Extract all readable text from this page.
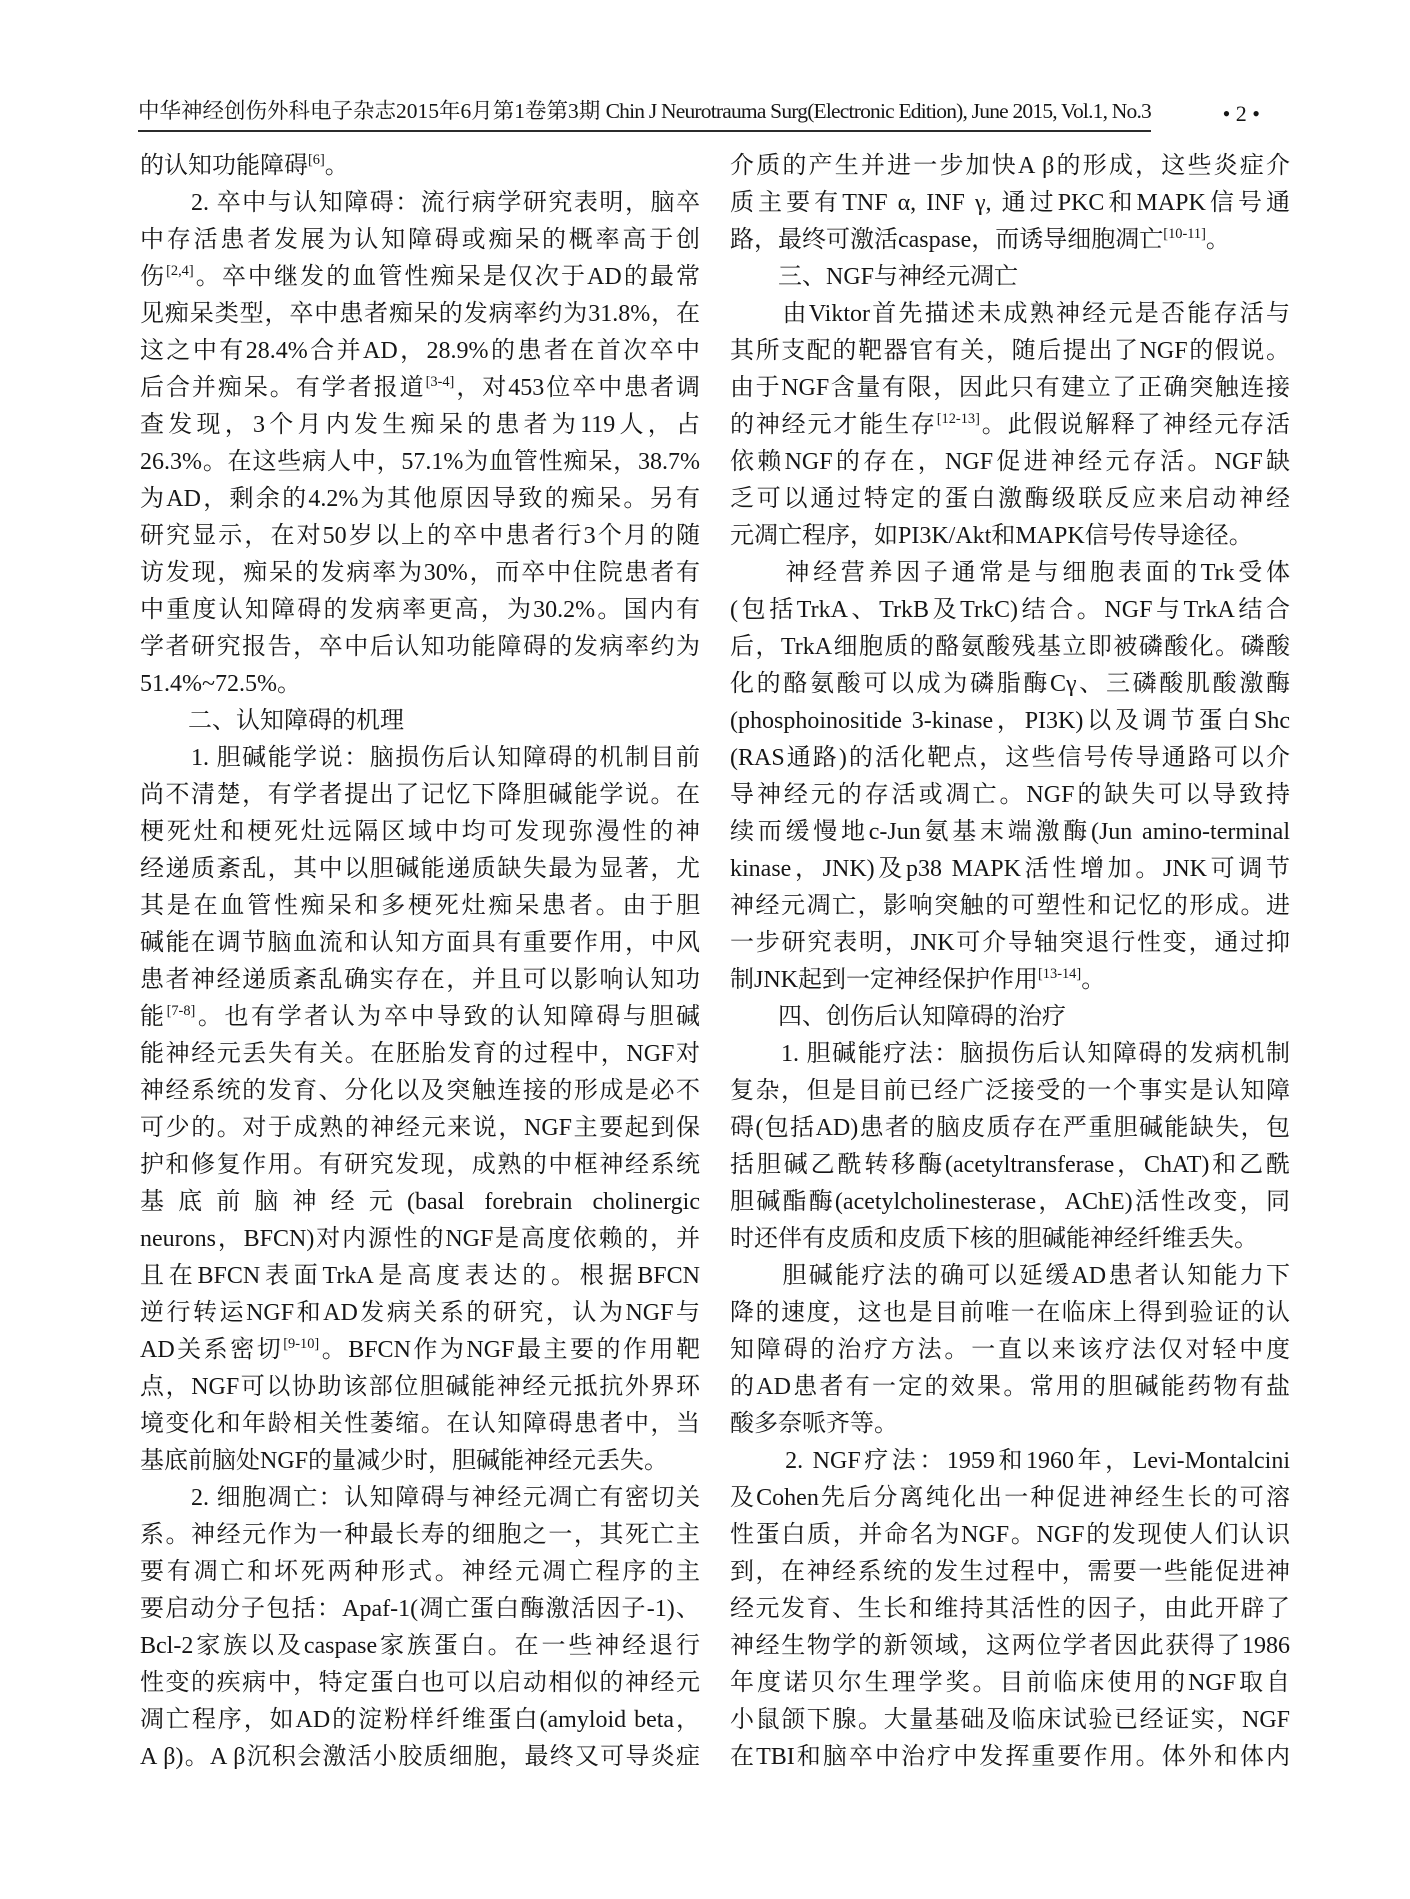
中华神经创伤外科电子杂志2015年6月第1卷第3期 Chin J Neurotrauma Surg(Electronic Edition), June 2015, Vol.1, No.3	• 2 •
的认知功能障碍[6]。
　　2. 卒中与认知障碍：流行病学研究表明，脑卒
中存活患者发展为认知障碍或痴呆的概率高于创
伤[2,4]。卒中继发的血管性痴呆是仅次于AD的最常
见痴呆类型，卒中患者痴呆的发病率约为31.8%，在
这之中有28.4%合并AD，28.9%的患者在首次卒中
后合并痴呆。有学者报道[3-4]，对453位卒中患者调
查发现，3个月内发生痴呆的患者为119人，占
26.3%。在这些病人中，57.1%为血管性痴呆，38.7%
为AD，剩余的4.2%为其他原因导致的痴呆。另有
研究显示，在对50岁以上的卒中患者行3个月的随
访发现，痴呆的发病率为30%，而卒中住院患者有
中重度认知障碍的发病率更高，为30.2%。国内有
学者研究报告，卒中后认知功能障碍的发病率约为
51.4%~72.5%。
　　二、认知障碍的机理
　　1. 胆碱能学说：脑损伤后认知障碍的机制目前
尚不清楚，有学者提出了记忆下降胆碱能学说。在
梗死灶和梗死灶远隔区域中均可发现弥漫性的神
经递质紊乱，其中以胆碱能递质缺失最为显著，尤
其是在血管性痴呆和多梗死灶痴呆患者。由于胆
碱能在调节脑血流和认知方面具有重要作用，中风
患者神经递质紊乱确实存在，并且可以影响认知功
能[7-8]。也有学者认为卒中导致的认知障碍与胆碱
能神经元丢失有关。在胚胎发育的过程中，NGF对
神经系统的发育、分化以及突触连接的形成是必不
可少的。对于成熟的神经元来说，NGF主要起到保
护和修复作用。有研究发现，成熟的中框神经系统
基底前脑神经元(basal forebrain cholinergic
neurons，BFCN)对内源性的NGF是高度依赖的，并
且在BFCN表面TrkA是高度表达的。根据BFCN
逆行转运NGF和AD发病关系的研究，认为NGF与
AD关系密切[9-10]。BFCN作为NGF最主要的作用靶
点，NGF可以协助该部位胆碱能神经元抵抗外界环
境变化和年龄相关性萎缩。在认知障碍患者中，当
基底前脑处NGF的量减少时，胆碱能神经元丢失。
　　2. 细胞凋亡：认知障碍与神经元凋亡有密切关
系。神经元作为一种最长寿的细胞之一，其死亡主
要有凋亡和坏死两种形式。神经元凋亡程序的主
要启动分子包括：Apaf-1(凋亡蛋白酶激活因子-1)、
Bcl-2家族以及caspase家族蛋白。在一些神经退行
性变的疾病中，特定蛋白也可以启动相似的神经元
凋亡程序，如AD的淀粉样纤维蛋白(amyloid beta，
A β)。A β沉积会激活小胶质细胞，最终又可导炎症
介质的产生并进一步加快A β的形成，这些炎症介
质主要有TNF α, INF γ, 通过PKC和MAPK信号通
路，最终可激活caspase，而诱导细胞凋亡[10-11]。
　　三、NGF与神经元凋亡
　　由Viktor首先描述未成熟神经元是否能存活与
其所支配的靶器官有关，随后提出了NGF的假说。
由于NGF含量有限，因此只有建立了正确突触连接
的神经元才能生存[12-13]。此假说解释了神经元存活
依赖NGF的存在，NGF促进神经元存活。NGF缺
乏可以通过特定的蛋白激酶级联反应来启动神经
元凋亡程序，如PI3K/Akt和MAPK信号传导途径。
　　神经营养因子通常是与细胞表面的Trk受体
(包括TrkA、TrkB及TrkC)结合。NGF与TrkA结合
后，TrkA细胞质的酪氨酸残基立即被磷酸化。磷酸
化的酪氨酸可以成为磷脂酶Cγ、三磷酸肌酸激酶
(phosphoinositide 3-kinase，PI3K)以及调节蛋白Shc
(RAS通路)的活化靶点，这些信号传导通路可以介
导神经元的存活或凋亡。NGF的缺失可以导致持
续而缓慢地c-Jun氨基末端激酶(Jun amino-terminal
kinase，JNK)及p38 MAPK活性增加。JNK可调节
神经元凋亡，影响突触的可塑性和记忆的形成。进
一步研究表明，JNK可介导轴突退行性变，通过抑
制JNK起到一定神经保护作用[13-14]。
　　四、创伤后认知障碍的治疗
　　1. 胆碱能疗法：脑损伤后认知障碍的发病机制
复杂，但是目前已经广泛接受的一个事实是认知障
碍(包括AD)患者的脑皮质存在严重胆碱能缺失，包
括胆碱乙酰转移酶(acetyltransferase，ChAT)和乙酰
胆碱酯酶(acetylcholinesterase，AChE)活性改变，同
时还伴有皮质和皮质下核的胆碱能神经纤维丢失。
　　胆碱能疗法的确可以延缓AD患者认知能力下
降的速度，这也是目前唯一在临床上得到验证的认
知障碍的治疗方法。一直以来该疗法仅对轻中度
的AD患者有一定的效果。常用的胆碱能药物有盐
酸多奈哌齐等。
　　2. NGF疗法：1959和1960年，Levi-Montalcini
及Cohen先后分离纯化出一种促进神经生长的可溶
性蛋白质，并命名为NGF。NGF的发现使人们认识
到，在神经系统的发生过程中，需要一些能促进神
经元发育、生长和维持其活性的因子，由此开辟了
神经生物学的新领域，这两位学者因此获得了1986
年度诺贝尔生理学奖。目前临床使用的NGF取自
小鼠颌下腺。大量基础及临床试验已经证实，NGF
在TBI和脑卒中治疗中发挥重要作用。体外和体内
